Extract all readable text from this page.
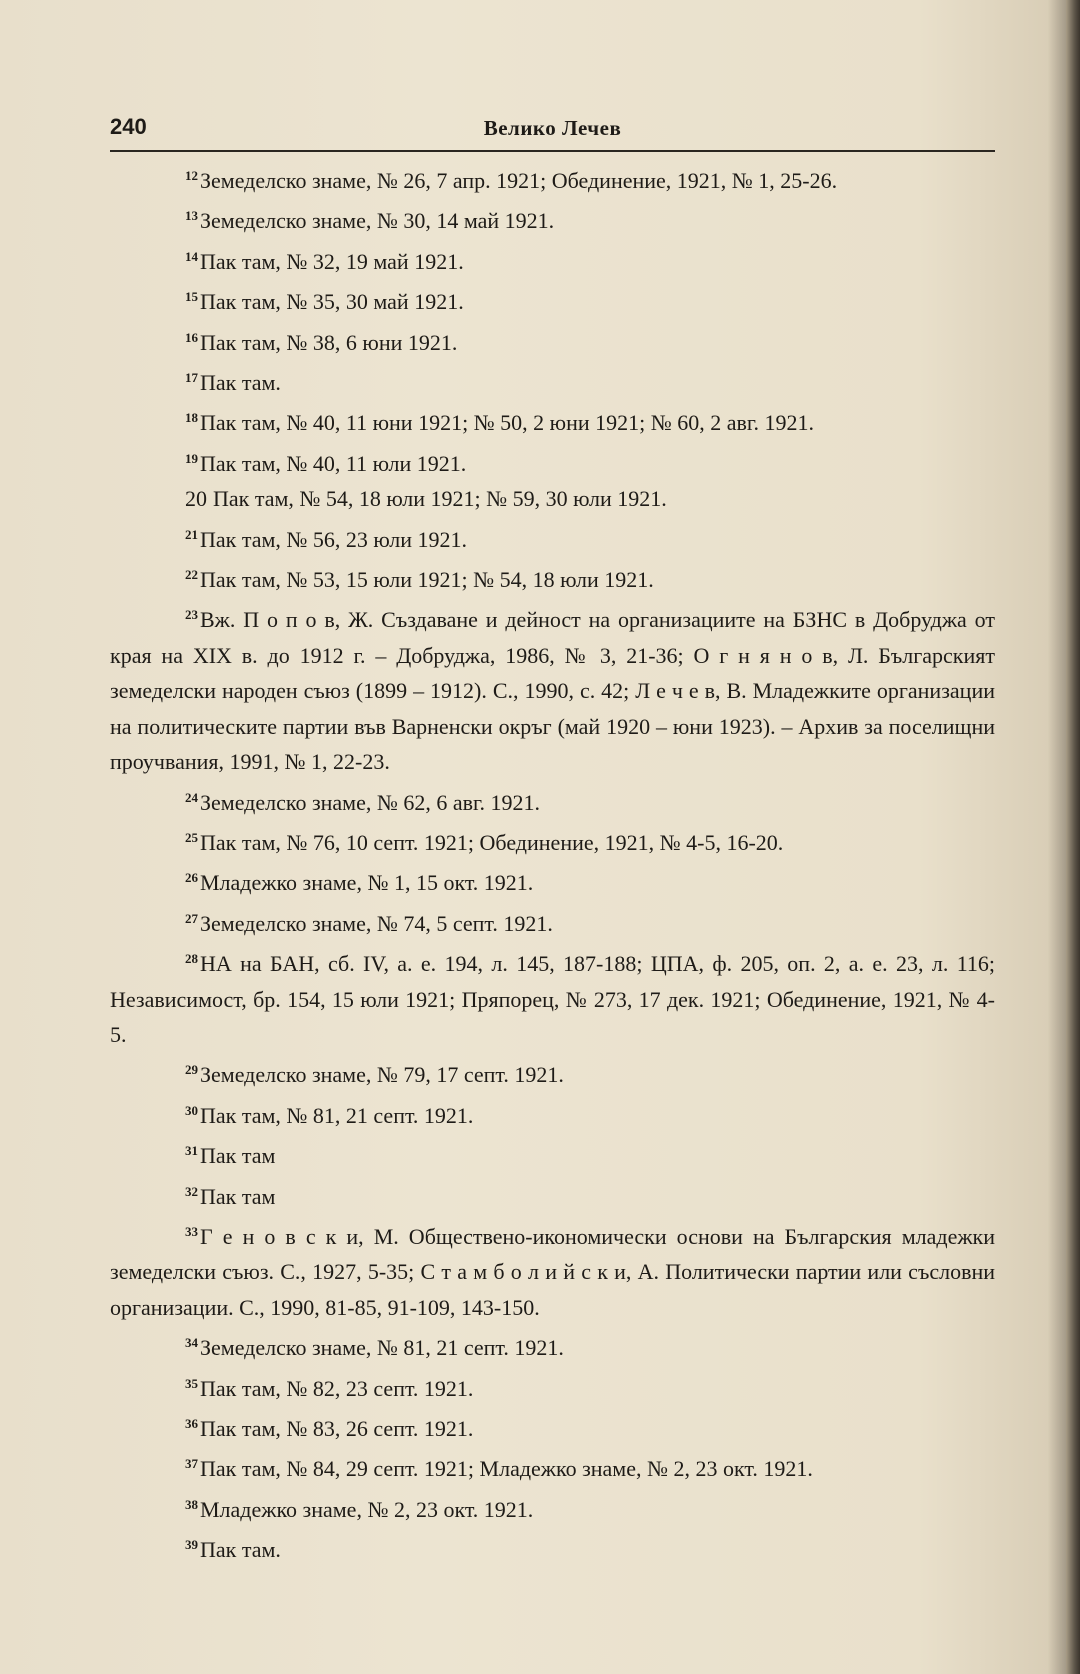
240	Велико Лечев

$^{12}$Земеделско знаме, № 26, 7 апр. 1921; Обединение, 1921, № 1, 25-26.

$^{13}$Земеделско знаме, № 30, 14 май 1921.

$^{14}$Пак там, № 32, 19 май 1921.

$^{15}$Пак там, № 35, 30 май 1921.

$^{16}$Пак там, № 38, 6 юни 1921.

$^{17}$Пак там.

$^{18}$Пак там, № 40, 11 юни 1921; № 50, 2 юни 1921; № 60, 2 авг. 1921.

$^{19}$Пак там, № 40, 11 юли 1921.

20 Пак там, № 54, 18 юли 1921; № 59, 30 юли 1921.

$^{21}$Пак там, № 56, 23 юли 1921.

$^{22}$Пак там, № 53, 15 юли 1921; № 54, 18 юли 1921.

$^{23}$Вж. П о п о в, Ж. Създаване и дейност на организациите на БЗНС в Добруджа от края на XIX в. до 1912 г. – Добруджа, 1986, № 3, 21-36; О г н я н о в, Л. Българският земеделски народен съюз (1899 – 1912). С., 1990, с. 42; Л е ч е в, В. Младежките организации на политическите партии във Варненски окръг (май 1920 – юни 1923). – Архив за поселищни проучвания, 1991, № 1, 22-23.

$^{24}$Земеделско знаме, № 62, 6 авг. 1921.

$^{25}$Пак там, № 76, 10 септ. 1921; Обединение, 1921, № 4-5, 16-20.

$^{26}$Младежко знаме, № 1, 15 окт. 1921.

$^{27}$Земеделско знаме, № 74, 5 септ. 1921.

$^{28}$НА на БАН, сб. IV, а. е. 194, л. 145, 187-188; ЦПА, ф. 205, оп. 2, а. е. 23, л. 116; Независимост, бр. 154, 15 юли 1921; Пряпорец, № 273, 17 дек. 1921; Обединение, 1921, № 4-5.

$^{29}$Земеделско знаме, № 79, 17 септ. 1921.

$^{30}$Пак там, № 81, 21 септ. 1921.

$^{31}$Пак там

$^{32}$Пак там

$^{33}$Г е н о в с к и, М. Обществено-икономически основи на Българския младежки земеделски съюз. С., 1927, 5-35; С т а м б о л и й с к и, А. Политически партии или съсловни организации. С., 1990, 81-85, 91-109, 143-150.

$^{34}$Земеделско знаме, № 81, 21 септ. 1921.

$^{35}$Пак там, № 82, 23 септ. 1921.

$^{36}$Пак там, № 83, 26 септ. 1921.

$^{37}$Пак там, № 84, 29 септ. 1921; Младежко знаме, № 2, 23 окт. 1921.

$^{38}$Младежко знаме, № 2, 23 окт. 1921.

$^{39}$Пак там.
